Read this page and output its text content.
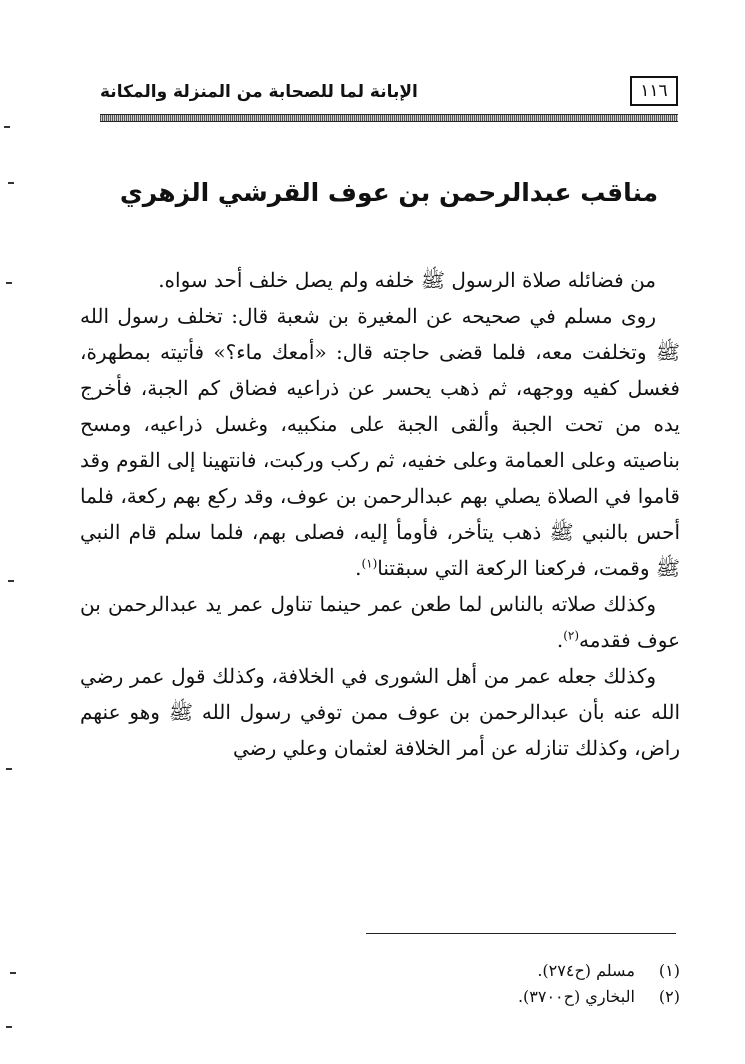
١١٦
الإبانة لما للصحابة من المنزلة والمكانة
مناقب عبدالرحمن بن عوف القرشي الزهري

من فضائله صلاة الرسول ﷺ خلفه ولم يصل خلف أحد سواه.

روى مسلم في صحيحه عن المغيرة بن شعبة قال: تخلف رسول الله ﷺ وتخلفت معه، فلما قضى حاجته قال: «أمعك ماء؟» فأتيته بمطهرة، فغسل كفيه ووجهه، ثم ذهب يحسر عن ذراعيه فضاق كم الجبة، فأخرج يده من تحت الجبة وألقى الجبة على منكبيه، وغسل ذراعيه، ومسح بناصيته وعلى العمامة وعلى خفيه، ثم ركب وركبت، فانتهينا إلى القوم وقد قاموا في الصلاة يصلي بهم عبدالرحمن بن عوف، وقد ركع بهم ركعة، فلما أحس بالنبي ﷺ ذهب يتأخر، فأومأ إليه، فصلى بهم، فلما سلم قام النبي ﷺ وقمت، فركعنا الركعة التي سبقتنا$^{(١)}$.

وكذلك صلاته بالناس لما طعن عمر حينما تناول عمر يد عبدالرحمن بن عوف فقدمه$^{(٢)}$.

وكذلك جعله عمر من أهل الشورى في الخلافة، وكذلك قول عمر رضي الله عنه بأن عبدالرحمن بن عوف ممن توفي رسول الله ﷺ وهو عنهم راض، وكذلك تنازله عن أمر الخلافة لعثمان وعلي رضي

(١) مسلم (ح٢٧٤).
(٢) البخاري (ح٣٧٠٠).
